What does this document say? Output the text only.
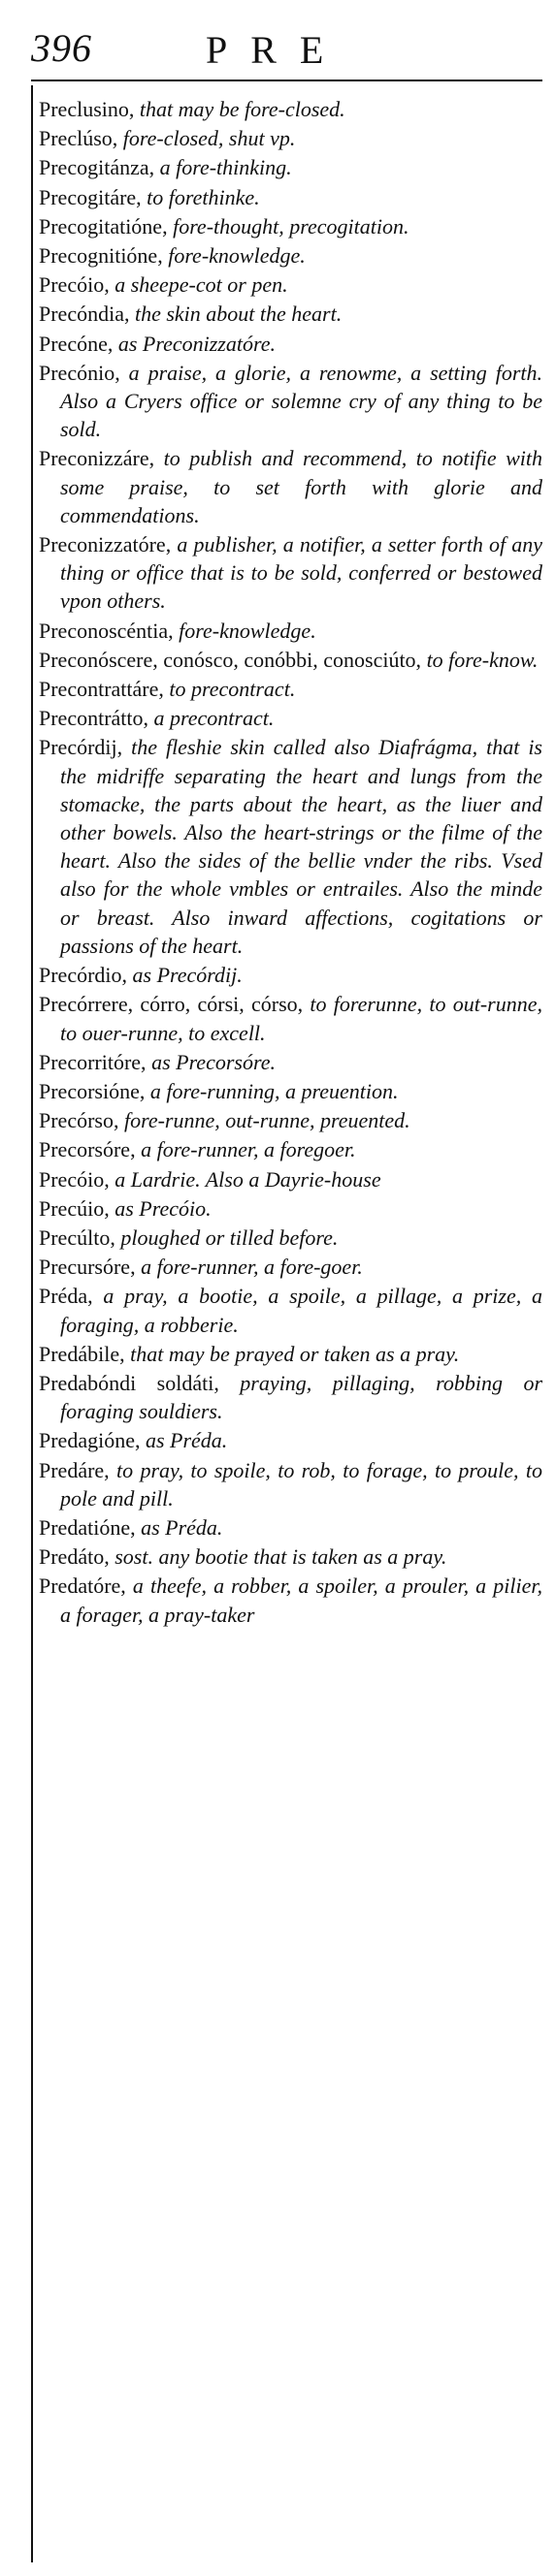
396	PRE

Preclusino, that may be fore-closed.

Preclúso, fore-closed, shut vp.

Precogitánza, a fore-thinking.

Precogitáre, to forethinke.

Precogitatióne, fore-thought, precogitation.

Precognitióne, fore-knowledge.

Precóio, a sheepe-cot or pen.

Precóndia, the skin about the heart.

Precóne, as Preconizzatóre.

Precónio, a praise, a glorie, a renowme, a setting forth. Also a Cryers office or solemne cry of any thing to be sold.

Preconizzáre, to publish and recommend, to notifie with some praise, to set forth with glorie and commendations.

Preconizzatóre, a publisher, a notifier, a setter forth of any thing or office that is to be sold, conferred or bestowed vpon others.

Preconoscéntia, fore-knowledge.

Preconóscere, conósco, conóbbi, conosciúto, to fore-know.

Precontrattáre, to precontract.

Precontrátto, a precontract.

Precórdij, the fleshie skin called also Diafrágma, that is the midriffe separating the heart and lungs from the stomacke, the parts about the heart, as the liuer and other bowels. Also the heart-strings or the filme of the heart. Also the sides of the bellie vnder the ribs. Vsed also for the whole vmbles or entrailes. Also the minde or breast. Also inward affections, cogitations or passions of the heart.

Precórdio, as Precórdij.

Precórrere, córro, córsi, córso, to forerunne, to out-runne, to ouer-runne, to excell.

Precorritóre, as Precorsóre.

Precorsióne, a fore-running, a preuention.

Precórso, fore-runne, out-runne, preuented.

Precorsóre, a fore-runner, a foregoer.

Precóio, a Lardrie. Also a Dayrie-house

Precúio, as Precóio.

Precúlto, ploughed or tilled before.

Precursóre, a fore-runner, a fore-goer.

Préda, a pray, a bootie, a spoile, a pillage, a prize, a foraging, a robberie.

Predábile, that may be prayed or taken as a pray.

Predabóndi soldáti, praying, pillaging, robbing or foraging souldiers.

Predagióne, as Préda.

Predáre, to pray, to spoile, to rob, to forage, to proule, to pole and pill.

Predatióne, as Préda.

Predáto, sost. any bootie that is taken as a pray.

Predatóre, a theefe, a robber, a spoiler, a prouler, a pilier, a forager, a pray-taker
